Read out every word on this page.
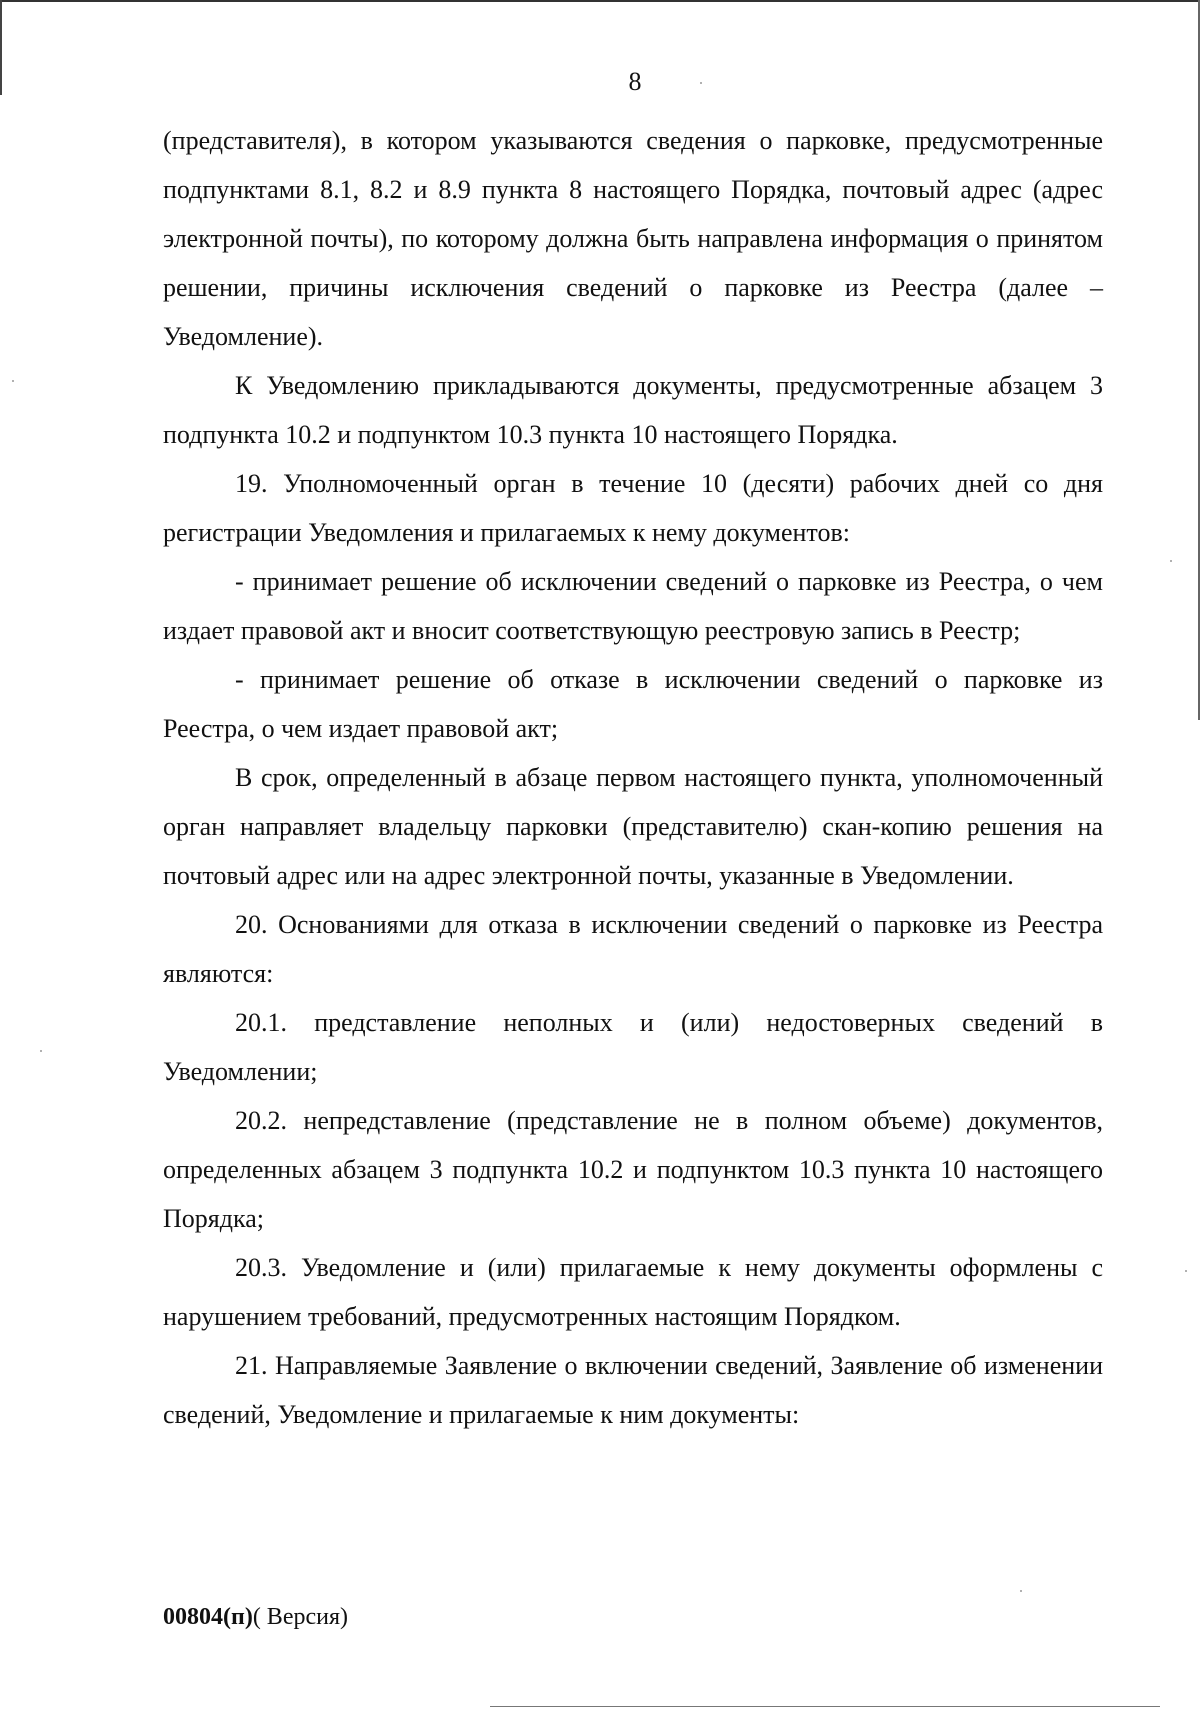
8

(представителя), в котором указываются сведения о парковке, предусмотренные подпунктами 8.1, 8.2 и 8.9 пункта 8 настоящего Порядка, почтовый адрес (адрес электронной почты), по которому должна быть направлена информация о принятом решении, причины исключения сведений о парковке из Реестра (далее – Уведомление).

К Уведомлению прикладываются документы, предусмотренные абзацем 3 подпункта 10.2 и подпунктом 10.3 пункта 10 настоящего Порядка.

19. Уполномоченный орган в течение 10 (десяти) рабочих дней со дня регистрации Уведомления и прилагаемых к нему документов:

- принимает решение об исключении сведений о парковке из Реестра, о чем издает правовой акт и вносит соответствующую реестровую запись в Реестр;

- принимает решение об отказе в исключении сведений о парковке из Реестра, о чем издает правовой акт;

В срок, определенный в абзаце первом настоящего пункта, уполномоченный орган направляет владельцу парковки (представителю) скан-копию решения на почтовый адрес или на адрес электронной почты, указанные в Уведомлении.

20. Основаниями для отказа в исключении сведений о парковке из Реестра являются:

20.1. представление неполных и (или) недостоверных сведений в Уведомлении;

20.2. непредставление (представление не в полном объеме) документов, определенных абзацем 3 подпункта 10.2 и подпунктом 10.3 пункта 10 настоящего Порядка;

20.3. Уведомление и (или) прилагаемые к нему документы оформлены с нарушением требований, предусмотренных настоящим Порядком.

21. Направляемые Заявление о включении сведений, Заявление об изменении сведений, Уведомление и прилагаемые к ним документы:

00804(п)( Версия)
